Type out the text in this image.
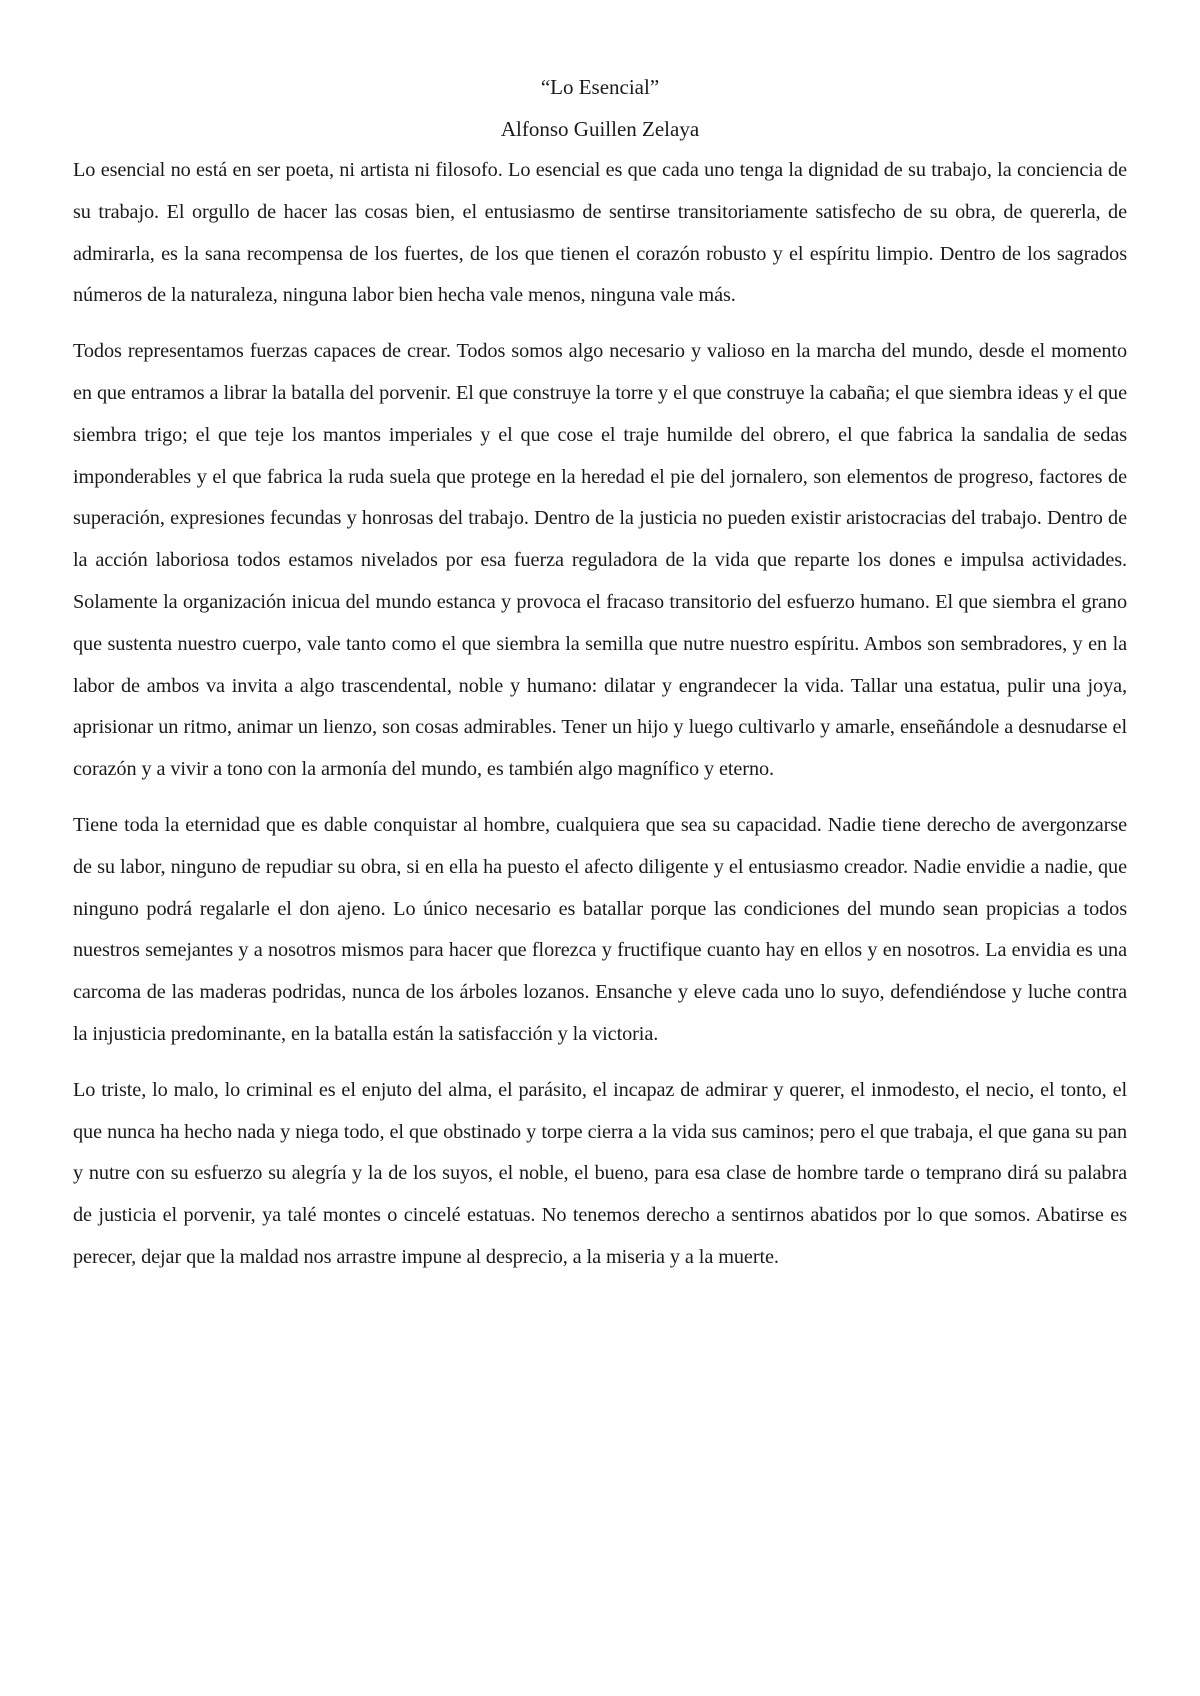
“Lo Esencial”
Alfonso Guillen Zelaya

Lo esencial no está en ser poeta, ni artista ni filosofo. Lo esencial es que cada uno tenga la dignidad de su trabajo, la conciencia de su trabajo. El orgullo de hacer las cosas bien, el entusiasmo de sentirse transitoriamente satisfecho de su obra, de quererla, de admirarla, es la sana recompensa de los fuertes, de los que tienen el corazón robusto y el espíritu limpio. Dentro de los sagrados números de la naturaleza, ninguna labor bien hecha vale menos, ninguna vale más.

Todos representamos fuerzas capaces de crear. Todos somos algo necesario y valioso en la marcha del mundo, desde el momento en que entramos a librar la batalla del porvenir. El que construye la torre y el que construye la cabaña; el que siembra ideas y el que siembra trigo; el que teje los mantos imperiales y el que cose el traje humilde del obrero, el que fabrica la sandalia de sedas imponderables y el que fabrica la ruda suela que protege en la heredad el pie del jornalero, son elementos de progreso, factores de superación, expresiones fecundas y honrosas del trabajo. Dentro de la justicia no pueden existir aristocracias del trabajo. Dentro de la acción laboriosa todos estamos nivelados por esa fuerza reguladora de la vida que reparte los dones e impulsa actividades. Solamente la organización inicua del mundo estanca y provoca el fracaso transitorio del esfuerzo humano. El que siembra el grano que sustenta nuestro cuerpo, vale tanto como el que siembra la semilla que nutre nuestro espíritu. Ambos son sembradores, y en la labor de ambos va invita a algo trascendental, noble y humano: dilatar y engrandecer la vida. Tallar una estatua, pulir una joya, aprisionar un ritmo, animar un lienzo, son cosas admirables. Tener un hijo y luego cultivarlo y amarle, enseñándole a desnudarse el corazón y a vivir a tono con la armonía del mundo, es también algo magnífico y eterno.

Tiene toda la eternidad que es dable conquistar al hombre, cualquiera que sea su capacidad. Nadie tiene derecho de avergonzarse de su labor, ninguno de repudiar su obra, si en ella ha puesto el afecto diligente y el entusiasmo creador. Nadie envidie a nadie, que ninguno podrá regalarle el don ajeno. Lo único necesario es batallar porque las condiciones del mundo sean propicias a todos nuestros semejantes y a nosotros mismos para hacer que florezca y fructifique cuanto hay en ellos y en nosotros. La envidia es una carcoma de las maderas podridas, nunca de los árboles lozanos. Ensanche y eleve cada uno lo suyo, defendiéndose y luche contra la injusticia predominante, en la batalla están la satisfacción y la victoria.

Lo triste, lo malo, lo criminal es el enjuto del alma, el parásito, el incapaz de admirar y querer, el inmodesto, el necio, el tonto, el que nunca ha hecho nada y niega todo, el que obstinado y torpe cierra a la vida sus caminos; pero el que trabaja, el que gana su pan y nutre con su esfuerzo su alegría y la de los suyos, el noble, el bueno, para esa clase de hombre tarde o temprano dirá su palabra de justicia el porvenir, ya talé montes o cincelé estatuas. No tenemos derecho a sentirnos abatidos por lo que somos. Abatirse es perecer, dejar que la maldad nos arrastre impune al desprecio, a la miseria y a la muerte.
